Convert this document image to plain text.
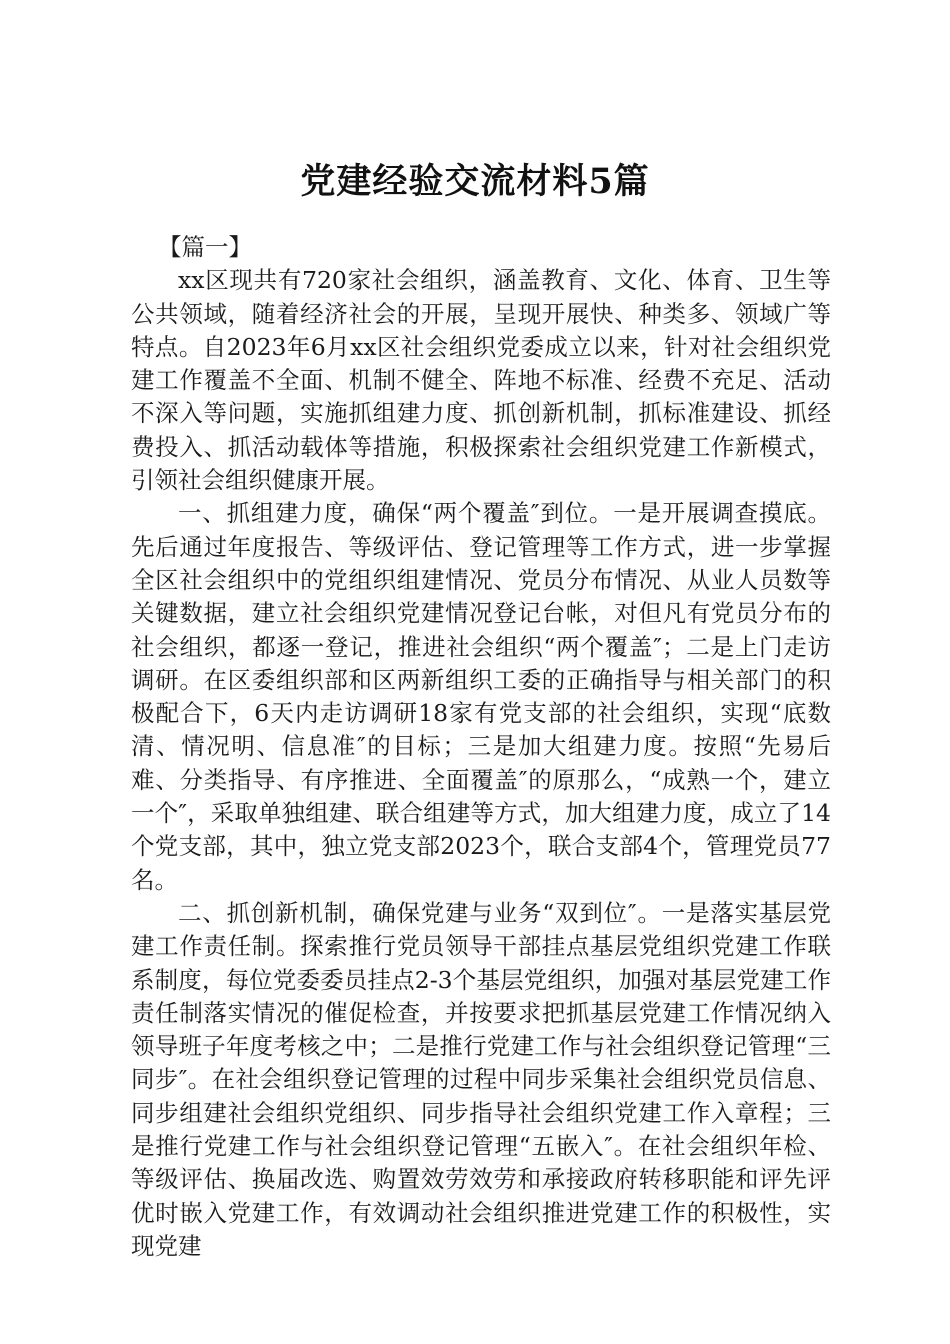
党建经验交流材料5篇

【篇一】

xx区现共有720家社会组织，涵盖教育、文化、体育、卫生等公共领域，随着经济社会的开展，呈现开展快、种类多、领域广等特点。自2023年6月xx区社会组织党委成立以来，针对社会组织党建工作覆盖不全面、机制不健全、阵地不标准、经费不充足、活动不深入等问题，实施抓组建力度、抓创新机制，抓标准建设、抓经费投入、抓活动载体等措施，积极探索社会组织党建工作新模式，引领社会组织健康开展。

一、抓组建力度，确保“两个覆盖″到位。一是开展调查摸底。先后通过年度报告、等级评估、登记管理等工作方式，进一步掌握全区社会组织中的党组织组建情况、党员分布情况、从业人员数等关键数据，建立社会组织党建情况登记台帐，对但凡有党员分布的社会组织，都逐一登记，推进社会组织“两个覆盖″；二是上门走访调研。在区委组织部和区两新组织工委的正确指导与相关部门的积极配合下，6天内走访调研18家有党支部的社会组织，实现“底数清、情况明、信息准″的目标；三是加大组建力度。按照“先易后难、分类指导、有序推进、全面覆盖″的原那么，“成熟一个，建立一个″，采取单独组建、联合组建等方式，加大组建力度，成立了14个党支部，其中，独立党支部2023个，联合支部4个，管理党员77名。

二、抓创新机制，确保党建与业务“双到位″。一是落实基层党建工作责任制。探索推行党员领导干部挂点基层党组织党建工作联系制度，每位党委委员挂点2-3个基层党组织，加强对基层党建工作责任制落实情况的催促检查，并按要求把抓基层党建工作情况纳入领导班子年度考核之中；二是推行党建工作与社会组织登记管理“三同步″。在社会组织登记管理的过程中同步采集社会组织党员信息、同步组建社会组织党组织、同步指导社会组织党建工作入章程；三是推行党建工作与社会组织登记管理“五嵌入″。在社会组织年检、等级评估、换届改选、购置效劳效劳和承接政府转移职能和评先评优时嵌入党建工作，有效调动社会组织推进党建工作的积极性，实现党建
